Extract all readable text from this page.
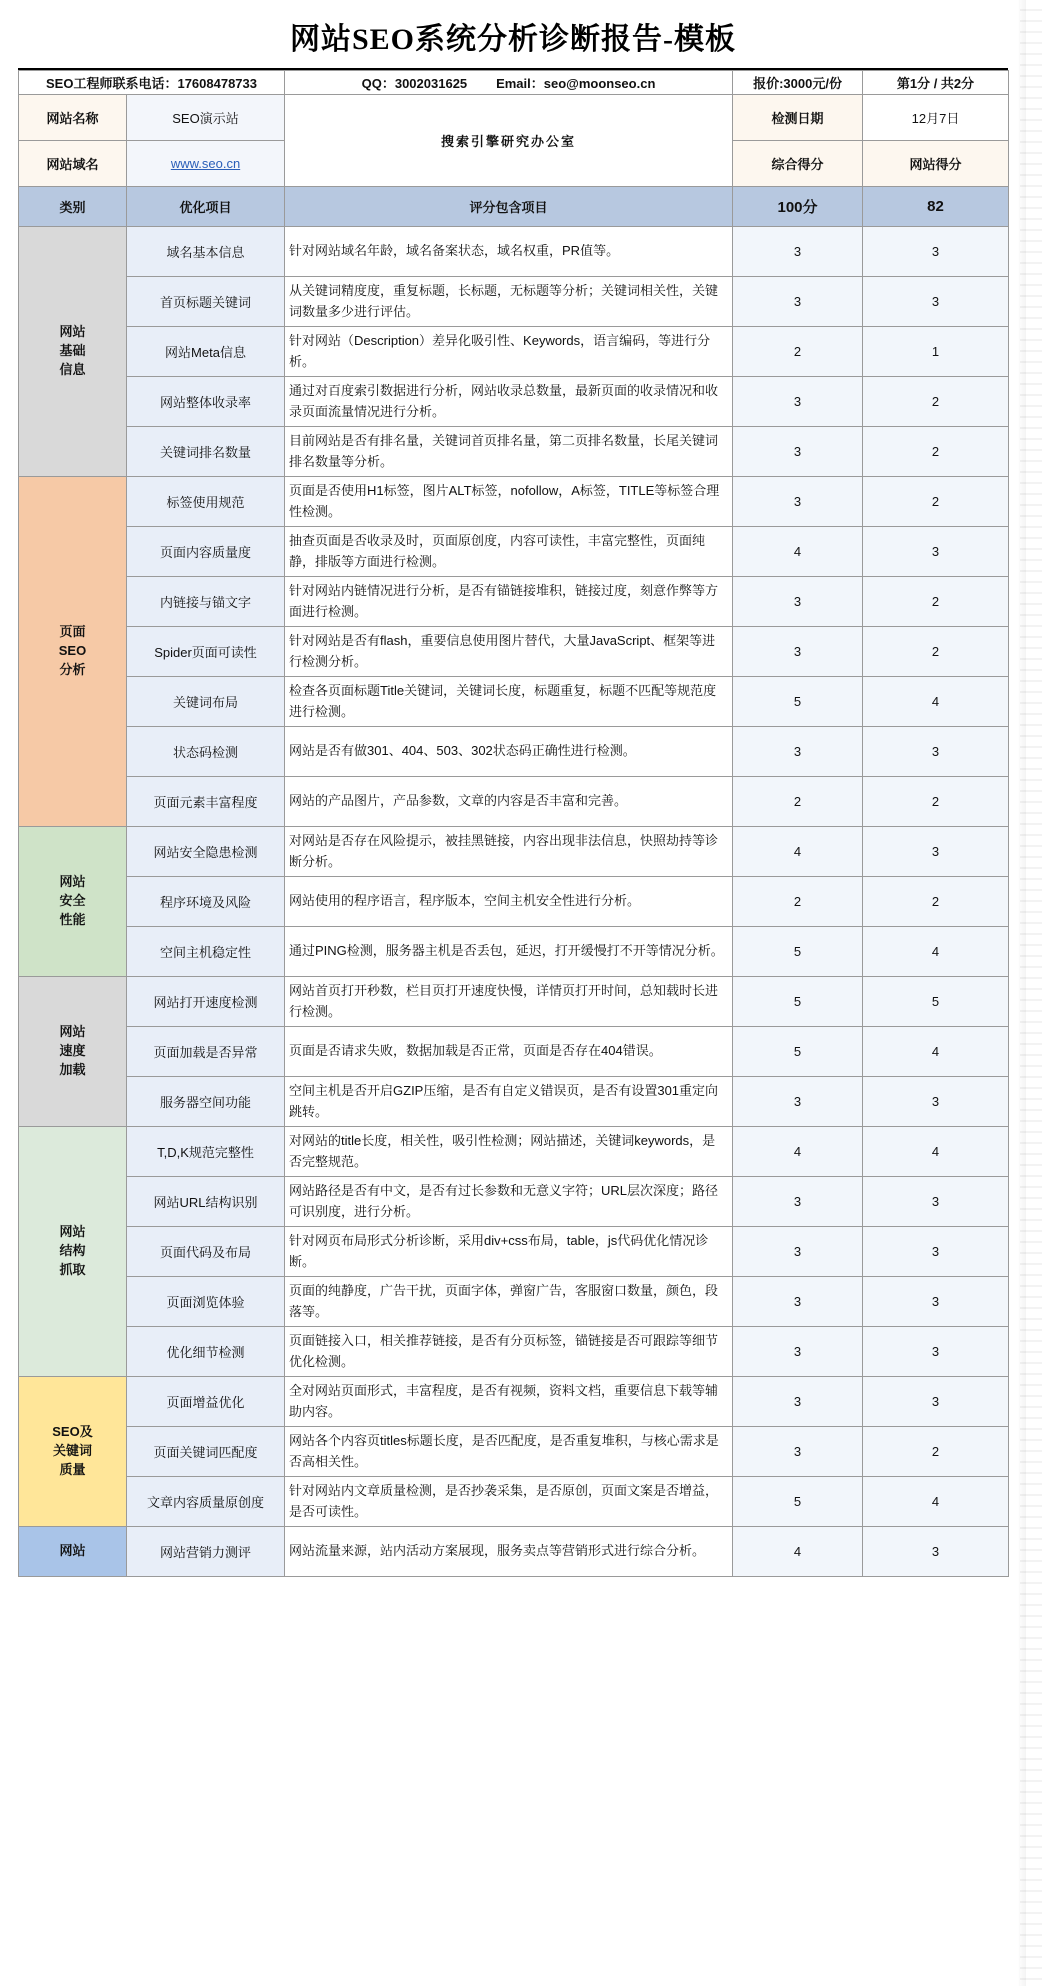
网站SEO系统分析诊断报告-模板
SEO工程师联系电话：17608478733		QQ：3002031625 Email：seo@moonseo.cn	报价:3000元/份	第1分 / 共2分
网站名称	SEO演示站	搜索引擎研究办公室	检测日期	12月7日
网站域名	www.seo.cn		综合得分	网站得分
类别	优化项目	评分包含项目	100分	82

网站
基础
信息	域名基本信息	针对网站域名年龄，域名备案状态，域名权重，PR值等。	3	3
	首页标题关键词	从关键词精度度，重复标题，长标题，无标题等分析；关键词相关性，关键词数量多少进行评估。	3	3
	网站Meta信息	针对网站（Description）差异化吸引性、Keywords，语言编码，等进行分析。	2	1
	网站整体收录率	通过对百度索引数据进行分析，网站收录总数量，最新页面的收录情况和收录页面流量情况进行分析。	3	2
	关键词排名数量	目前网站是否有排名量，关键词首页排名量，第二页排名数量，长尾关键词排名数量等分析。	3	2

页面
SEO
分析	标签使用规范	页面是否使用H1标签，图片ALT标签，nofollow，A标签，TITLE等标签合理性检测。	3	2
	页面内容质量度	抽查页面是否收录及时，页面原创度，内容可读性，丰富完整性，页面纯静，排版等方面进行检测。	4	3
	内链接与锚文字	针对网站内链情况进行分析，是否有锚链接堆积，链接过度，刻意作弊等方面进行检测。	3	2
	Spider页面可读性	针对网站是否有flash，重要信息使用图片替代，大量JavaScript、框架等进行检测分析。	3	2
	关键词布局	检查各页面标题Title关键词，关键词长度，标题重复，标题不匹配等规范度进行检测。	5	4
	状态码检测	网站是否有做301、404、503、302状态码正确性进行检测。	3	3
	页面元素丰富程度	网站的产品图片，产品参数，文章的内容是否丰富和完善。	2	2

网站
安全
性能	网站安全隐患检测	对网站是否存在风险提示，被挂黑链接，内容出现非法信息，快照劫持等诊断分析。	4	3
	程序环境及风险	网站使用的程序语言，程序版本，空间主机安全性进行分析。	2	2
	空间主机稳定性	通过PING检测，服务器主机是否丢包，延迟，打开缓慢打不开等情况分析。	5	4

网站
速度
加载	网站打开速度检测	网站首页打开秒数，栏目页打开速度快慢，详情页打开时间，总知载时长进行检测。	5	5
	页面加载是否异常	页面是否请求失败，数据加载是否正常，页面是否存在404错误。	5	4
	服务器空间功能	空间主机是否开启GZIP压缩，是否有自定义错误页，是否有设置301重定向跳转。	3	3

网站
结构
抓取	T,D,K规范完整性	对网站的title长度，相关性，吸引性检测；网站描述，关键词keywords，是否完整规范。	4	4
	网站URL结构识别	网站路径是否有中文，是否有过长参数和无意义字符；URL层次深度；路径可识别度，进行分析。	3	3
	页面代码及布局	针对网页布局形式分析诊断，采用div+css布局，table，js代码优化情况诊断。	3	3
	页面浏览体验	页面的纯静度，广告干扰，页面字体，弹窗广告，客服窗口数量，颜色，段落等。	3	3
	优化细节检测	页面链接入口，相关推荐链接，是否有分页标签，锚链接是否可跟踪等细节优化检测。	3	3

SEO及
关键词
质量	页面增益优化	全对网站页面形式，丰富程度，是否有视频，资料文档，重要信息下载等辅助内容。	3	3
	页面关键词匹配度	网站各个内容页titles标题长度，是否匹配度，是否重复堆积，与核心需求是否高相关性。	3	2
	文章内容质量原创度	针对网站内文章质量检测，是否抄袭采集，是否原创，页面文案是否增益，是否可读性。	5	4

网站	网站营销力测评	网站流量来源，站内活动方案展现，服务卖点等营销形式进行综合分析。	4	3
